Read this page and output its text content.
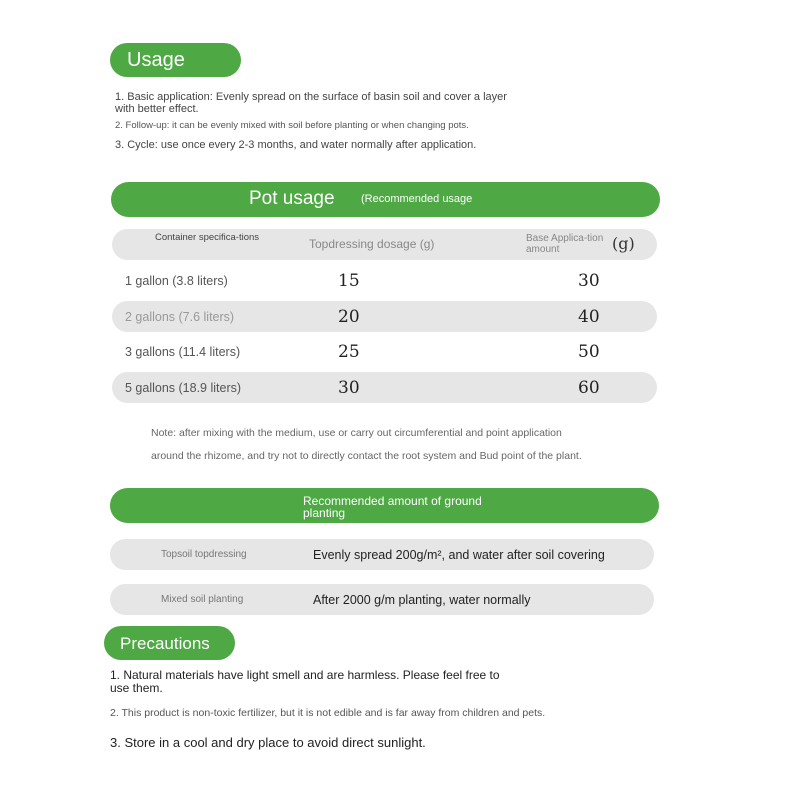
Usage
1. Basic application: Evenly spread on the surface of basin soil and cover a layer with better effect.
2. Follow-up: it can be evenly mixed with soil before planting or when changing pots.
3. Cycle: use once every 2-3 months, and water normally after application.
Pot usage (Recommended usage
Container specifica-tions	Topdressing dosage (g)	Base Applica-tion amount	(g)
1 gallon (3.8 liters)	15	30
2 gallons (7.6 liters)	20	40
3 gallons (11.4 liters)	25	50
5 gallons (18.9 liters)	30	60
Note: after mixing with the medium, use or carry out circumferential and point application
around the rhizome, and try not to directly contact the root system and Bud point of the plant.
Recommended amount of ground planting
Topsoil topdressing	Evenly spread 200g/m², and water after soil covering
Mixed soil planting	After 2000 g/m planting, water normally
Precautions
1. Natural materials have light smell and are harmless. Please feel free to use them.
2. This product is non-toxic fertilizer, but it is not edible and is far away from children and pets.
3. Store in a cool and dry place to avoid direct sunlight.
